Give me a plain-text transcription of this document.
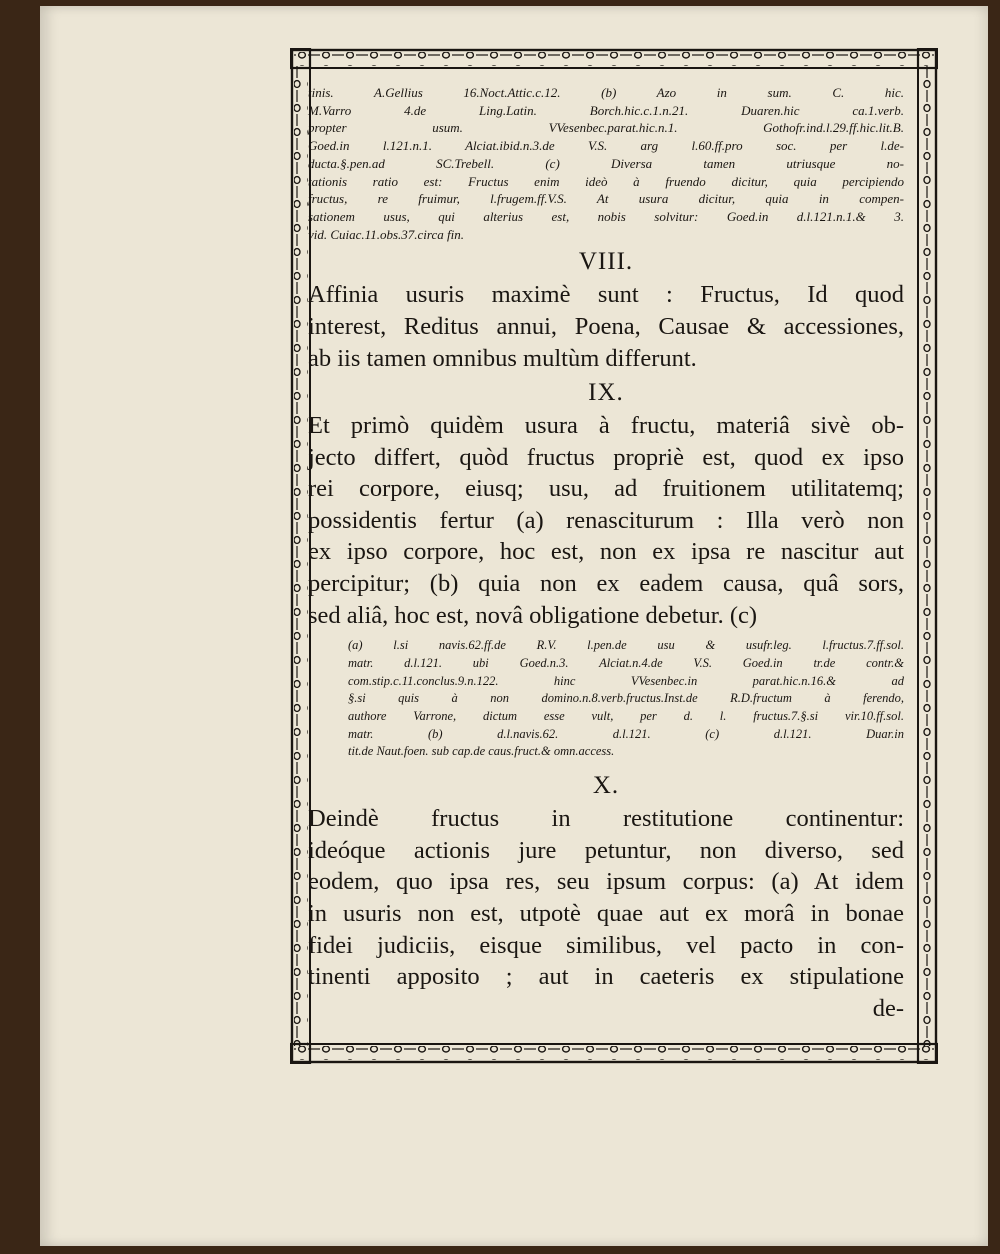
tinis. A.Gellius 16.Noct.Attic.c.12. (b) Azo in sum. C. hic.
M.Varro 4.de Ling.Latin. Borch.hic.c.1.n.21. Duaren.hic ca.1.verb.
propter usum. VVesenbec.parat.hic.n.1. Gothofr.ind.l.29.ff.hic.lit.B.
Goed.in l.121.n.1. Alciat.ibid.n.3.de V.S. arg l.60.ff.pro soc. per l.de-
ducta.§.pen.ad SC.Trebell. (c) Diversa tamen utriusque no-
tationis ratio est: Fructus enim ideò à fruendo dicitur, quia percipiendo
fructus, re fruimur, l.frugem.ff.V.S. At usura dicitur, quia in compen-
sationem usus, qui alterius est, nobis solvitur: Goed.in d.l.121.n.1.& 3.
vid. Cuiac.11.obs.37.circa fin.
VIII.
Affinia usuris maximè sunt : Fructus, Id quod
interest, Reditus annui, Poena, Causae & accessiones,
ab iis tamen omnibus multùm differunt.
IX.
Et primò quidèm usura à fructu, materiâ sivè ob-
jecto differt, quòd fructus propriè est, quod ex ipso
rei corpore, eiusq; usu, ad fruitionem utilitatemq;
possidentis fertur (a) renasciturum : Illa verò non
ex ipso corpore, hoc est, non ex ipsa re nascitur aut
percipitur; (b) quia non ex eadem causa, quâ sors,
sed aliâ, hoc est, novâ obligatione debetur. (c)
(a) l.si navis.62.ff.de R.V. l.pen.de usu & usufr.leg. l.fructus.7.ff.sol.
matr. d.l.121. ubi Goed.n.3. Alciat.n.4.de V.S. Goed.in tr.de contr.&
com.stip.c.11.conclus.9.n.122. hinc VVesenbec.in parat.hic.n.16.& ad
§.si quis à non domino.n.8.verb.fructus.Inst.de R.D.fructum à ferendo,
authore Varrone, dictum esse vult, per d. l. fructus.7.§.si vir.10.ff.sol.
matr. (b) d.l.navis.62. d.l.121. (c) d.l.121. Duar.in
tit.de Naut.foen. sub cap.de caus.fruct.& omn.access.
X.
Deindè fructus in restitutione continentur:
ideóque actionis jure petuntur, non diverso, sed
eodem, quo ipsa res, seu ipsum corpus: (a) At idem
in usuris non est, utpotè quae aut ex morâ in bonae
fidei judiciis, eisque similibus, vel pacto in con-
tinenti apposito ; aut in caeteris ex stipulatione
de-
